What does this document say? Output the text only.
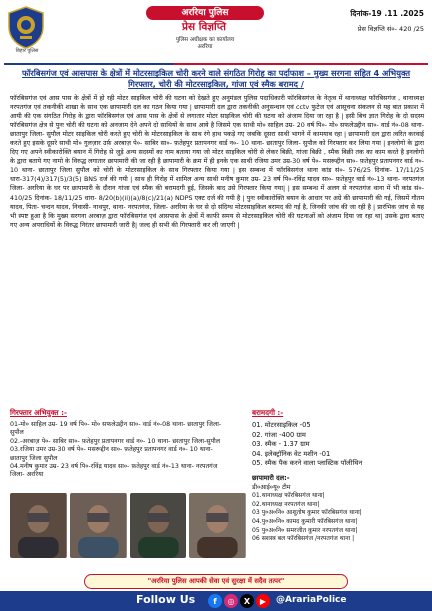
बिहार पुलिस
अररिया पुलिस
प्रेस विज्ञप्ति
पुलिस अधीक्षक का कार्यालय
अररिया
दिनांक-19 .11 .2025
प्रेस विज्ञप्ति सं०- 420 /25
फॉरबिसगंज एवं आसपास के क्षेत्रों में मोटरसाइकिल चोरी करने वाले संगठित गिरोह का पर्दाफाश – मुख्य सरगना सहित 4 अभियुक्त गिरफ्तार, चोरी की मोटरसाइकिल, गांजा एवं स्मैक बरामद /
फॉरबिसगंज एवं आस पास के क्षेत्रों में हो रही मोटर साइकिल चोरी की घटना को देखते हुए अनुमंडल पुलिस पदाधिकारी फॉरबिसगंज के नेतृत्व में थानाध्यक्ष फॉरबिसगंज , थानाध्यक्ष नरपतगंज एवं तकनीकी शाखा के साथ एक छापामारी दल का गठन किया गया | छापामारी दल द्वारा तकनीकी अनुसन्धान एवं cctv फुटेज एवं आसूचना संकलन से यह बात प्रकाश में आयी की एक संगठित गिरोह के द्वारा फॉरबिसगंज एवं आस पास के क्षेत्रों से लगातार मोटर साइकिल चोरी की घटना को अंजाम दिया जा रहा है | इसी बिच ज्ञात गिरोह के दो सदस्य फॉरबिसगंज क्षेत्र से पुनः चोरी की घटना को अनजाम देने अपने दो साथियों के साथ आये है जिसमे एक साथी मो० साहिल उम्र- 20 वर्ष पि०- मो० सफलेउद्दीन सा०- वार्ड नं०-08 थाना- छातापुर जिला- सुपौल मोटर साइकिल चोरी करते हुए चोरी के मोटरसाइकिल के साथ रंगे हाथ पकड़े गए जबकि दूसरा साथी भागने में कामयाब रहा | छापामारी दल द्वारा त्वरित करवाई करते हुए इसके दूसरे साथी मो० गुलज़ार उर्फ़ अरबाज़ पे०- साबिर सा०- फ़तेहपुर प्रतापनगर वार्ड न०- 10 थाना- छातापुर जिला- सुपौल को गिरफ्तार कर लिया गया | इनलोगो के द्वारा दिए गए अपने स्वीकारोक्ति बयान में गिरोह से जुड़े अन्य सदस्यों का नाम बताया गया जो मोटर साइकिल चोरी से लेकर बिक्री, गांजा बिक्री , स्मैक बिक्री तक का काम करते है इनलोगो के द्वारा बताये गए नामो के विरुद्ध लगातार छापामारी की जा रही है छापामारी के क्रम में ही इनके एक साथी रजिया उमर उम्र-30 वर्ष पे०- मसरूद्दीन सा०- फ़तेहपुर प्रतापनगर वार्ड न०- 10 थाना- छातापुर जिला सुपौल को चोरी के मोटरसाइकिल के साथ गिरफ्तार किया गया | इस सम्बन्ध में फॉरबिसगंज थाना कांड सं०- 576/25 दिनांक- 17/11/25 धारा-317(4)/317(5)/3(5) BNS दर्ज की गयी | साथ ही गिरोह में शामिल अन्य साथी मनीष कुमार उम्र- 23 वर्ष पि०-रविंद्र यादव सा०- फ़तेहपुर वार्ड नं०-13 थाना- नरपतगंज जिला- अररिया के घर पर छापामारी के दौरान गांजा एवं स्मैक की बरामदगी हुई, जिसके बाद उसे गिरफ्तार किया गया| | इस सम्बन्ध में अलग से नरपतगंज थाना में भी कांड सं०- 410/25 दिनांक- 18/11/25 धारा- 8/20(b)(ii)(a)/8(c)/21(a) NDPS एक्ट दर्ज की गयी है | पुनः स्वीकारोक्ति बयान के आधार पर अग्रे की छापामारी की गई, जिसमें गौतम यादव, पिता- चन्दन यादव, निवासी- नाथपुर, थाना- नरपतगंज, जिला- अररिया के घर से दो संदिग्ध मोटरसाइकिल बरामद की गई है, जिनकी जांच की जा रही है | प्रारंभिक जांच से यह भी स्पष्ट हुआ है कि मुख्य सरगना अरबाज़ द्वारा फॉरबिसगंज एवं आसपास के क्षेत्रों में काफी समय से मोटरसाइकिल चोरी की घटनाओं को अंजाम दिया जा रहा था| उसके द्वारा बताए गए अन्य अपराधियों के विरुद्ध निरंतर छापामारी जारी है| जल्द ही सभी की गिरफ्तारी कर ली जाएगी |
गिरफ्तार अभियुक्त :-
01-मो० साहिल उम्र- 19 वर्ष पि०- मो० सफलेउद्दीन सा०- वार्ड नं०-08 थाना- छातापुर जिला- सुपौल
02.-अरबाज़ पे०- साबिर सा०- फ़तेहपुर प्रतापनगर वार्ड न०- 10 थाना- छातापुर जिला-सुपौल
03.रजिया उमर उम्र-30 वर्ष पे०- मसरूद्दीन सा०- फ़तेहपुर प्रतापनगर वार्ड न०- 10 थाना- छातापुर जिला सुपौल
04.मनीष कुमार उम्र- 23 वर्ष पि०-रविंद्र यादव सा०- फ़तेहपुर वार्ड नं०-13 थाना- नरपतगंज जिला- अररिया
बरामदगी :-
01. मोटरसाइकिल -05
02. गांजा -400 ग्राम
03. स्मैक - 1.37 ग्राम
04. इलेक्ट्रॉनिक वेट मशीन -01
05. स्मैक पैक करने वाला प्लास्टिक पॉलीथिन
छापामारी दल:-
डी०आई०यू० टीम
01.थानाध्यक्ष फॉरबिसगंज थाना|
02.थानाध्यक्ष नरपतगंज थाना|
03 पु०अ०नि० आशुतोष कुमार फॉरबिसगंज थाना|
04.पु०अ०नि० कामद कुमारी फॉरबिसगंज थाना|
05 पु०अ०नि० समरजीत कुमार नरपतगंज थाना|
06 सशस्त्र बल फॉरबिसगंज /नरपतगंज थाना |
"अररिया पुलिस आपकी सेवा एवं सुरक्षा में सदैव तत्पर"
Follow Us	f	◎	X	▶	@ArariaPolice
